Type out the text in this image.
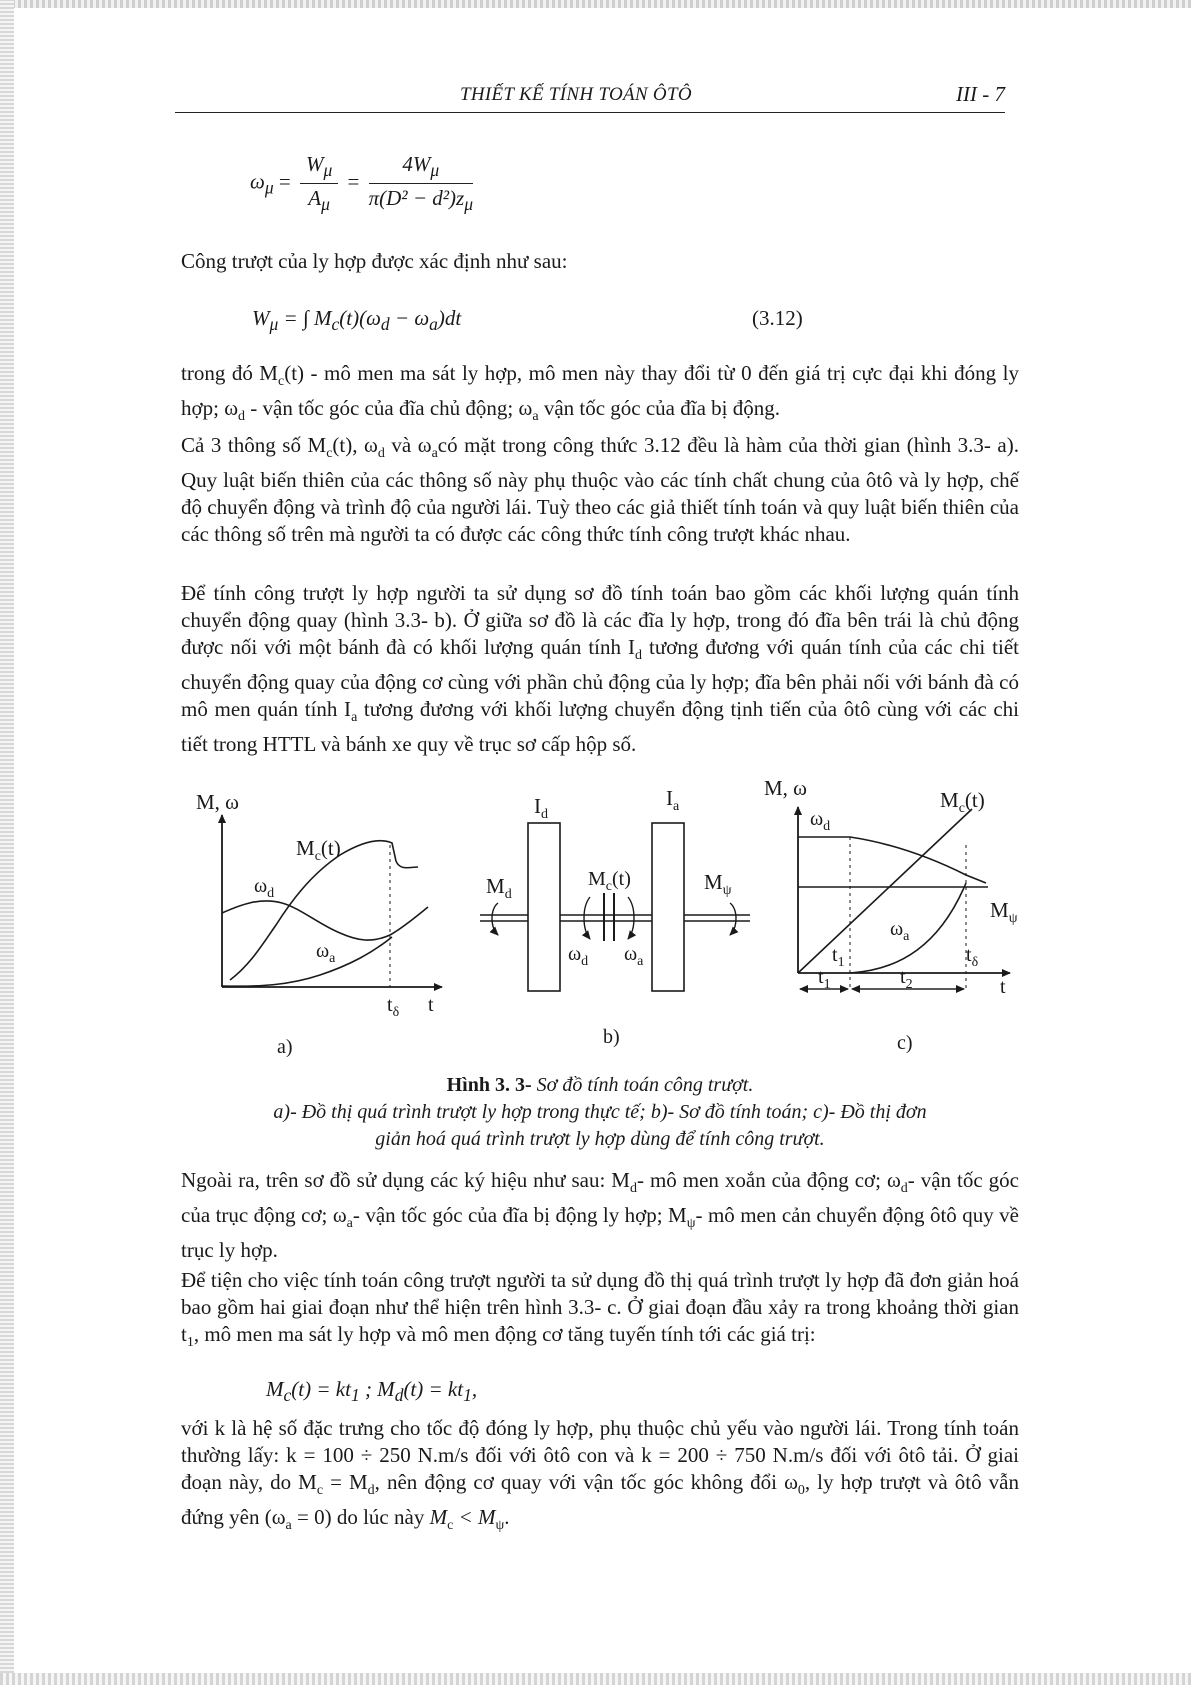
THIẾT KẾ TÍNH TOÁN ÔTÔ	III - 7
$\omega_\mu = \frac{W_\mu}{A_\mu} = \frac{4W_\mu}{\pi(D^2 - d^2)z_\mu}$
Công trượt của ly hợp được xác định như sau:
$W_\mu$ = ∫ $M_c(t)(\omega_d - \omega_a)dt$	(3.12)
trong đó $M_c(t)$ - mô men ma sát ly hợp, mô men này thay đổi từ 0 đến giá trị cực đại khi đóng ly hợp; $\omega_d$ - vận tốc góc của đĩa chủ động; $\omega_a$ vận tốc góc của đĩa bị động.
Cả 3 thông số $M_c(t)$, $\omega_d$ và $\omega_acó$ mặt trong công thức 3.12 đều là hàm của thời gian (hình 3.3- a). Quy luật biến thiên của các thông số này phụ thuộc vào các tính chất chung của ôtô và ly hợp, chế độ chuyển động và trình độ của người lái. Tuỳ theo các giả thiết tính toán và quy luật biến thiên của các thông số trên mà người ta có được các công thức tính công trượt khác nhau.
Để tính công trượt ly hợp người ta sử dụng sơ đồ tính toán bao gồm các khối lượng quán tính chuyển động quay (hình 3.3- b). Ở giữa sơ đồ là các đĩa ly hợp, trong đó đĩa bên trái là chủ động được nối với một bánh đà có khối lượng quán tính $I_d$ tương đương với quán tính của các chi tiết chuyển động quay của động cơ cùng với phần chủ động của ly hợp; đĩa bên phải nối với bánh đà có mô men quán tính $I_a$ tương đương với khối lượng chuyển động tịnh tiến của ôtô cùng với các chi tiết trong HTTL và bánh xe quy về trục sơ cấp hộp số.
M, ω
$M_c(t)$
$\omega_d$
$\omega_a$
$t_\delta$ t
$I_d$
$I_a$
$M_d$
$M_c(t)$	$M_\psi$
$\omega_d$ $\omega_a$
M, ω	$M_c(t)$
$\omega_d$
$M_\psi$
$\omega_a$
$t_1$	$t_\delta$
t
$t_1$	$t_2$
a)	b)	c)
Hình 3. 3- Sơ đồ tính toán công trượt.
a)- Đồ thị quá trình trượt ly hợp trong thực tế; b)- Sơ đồ tính toán; c)- Đồ thị đơn
giản hoá quá trình trượt ly hợp dùng để tính công trượt.
Ngoài ra, trên sơ đồ sử dụng các ký hiệu như sau: $M_d-$ mô men xoắn của động cơ; $\omega_d-$ vận tốc góc của trục động cơ; $\omega_a-$ vận tốc góc của đĩa bị động ly hợp; $M_\psi-$ mô men cản chuyển động ôtô quy về trục ly hợp.
Để tiện cho việc tính toán công trượt người ta sử dụng đồ thị quá trình trượt ly hợp đã đơn giản hoá bao gồm hai giai đoạn như thể hiện trên hình 3.3- c. Ở giai đoạn đầu xảy ra trong khoảng thời gian $t_1$, mô men ma sát ly hợp và mô men động cơ tăng tuyến tính tới các giá trị:
$M_c(t) = kt_1$ ; $M_d(t) = kt_1$,
với k là hệ số đặc trưng cho tốc độ đóng ly hợp, phụ thuộc chủ yếu vào người lái. Trong tính toán thường lấy: k = 100 ÷ 250 N.m/s đối với ôtô con và k = 200 ÷ 750 N.m/s đối với ôtô tải. Ở giai đoạn này, do $M_c = M_d$, nên động cơ quay với vận tốc góc không đổi $\omega_0$, ly hợp trượt và ôtô vẫn đứng yên $(\omega_a = 0)$ do lúc này $M_c < M_\psi$.
